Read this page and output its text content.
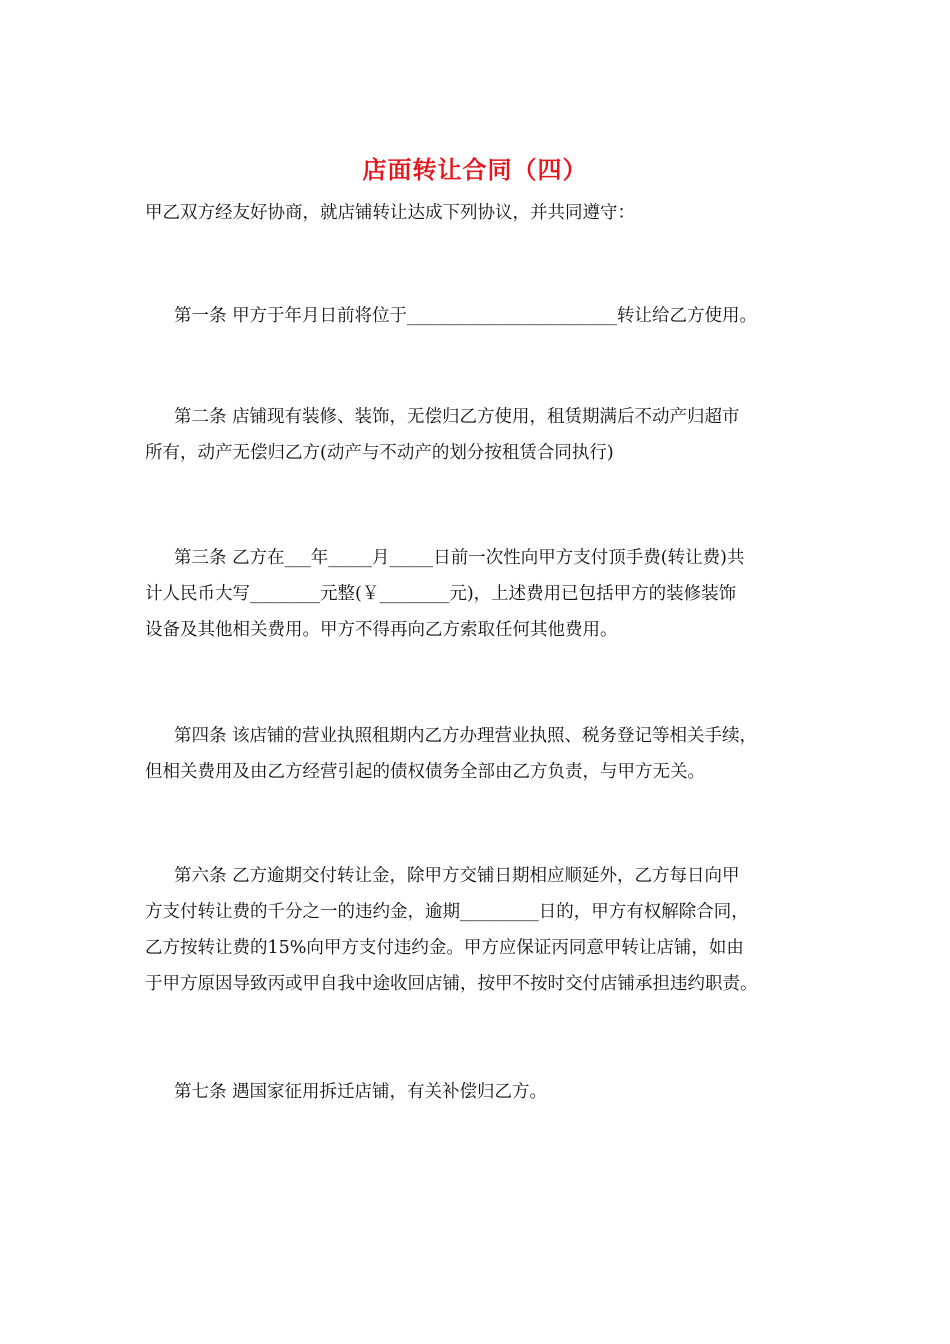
店面转让合同（四）
甲乙双方经友好协商，就店铺转让达成下列协议，并共同遵守：
第一条 甲方于年月日前将位于________________________转让给乙方使用。
第二条 店铺现有装修、装饰，无偿归乙方使用，租赁期满后不动产归超市
所有，动产无偿归乙方(动产与不动产的划分按租赁合同执行)
第三条 乙方在___年_____月_____日前一次性向甲方支付顶手费(转让费)共
计人民币大写________元整(￥________元)，上述费用已包括甲方的装修装饰
设备及其他相关费用。甲方不得再向乙方索取任何其他费用。
第四条 该店铺的营业执照租期内乙方办理营业执照、税务登记等相关手续，
但相关费用及由乙方经营引起的债权债务全部由乙方负责，与甲方无关。
第六条 乙方逾期交付转让金，除甲方交铺日期相应顺延外，乙方每日向甲
方支付转让费的千分之一的违约金，逾期_________日的，甲方有权解除合同，
乙方按转让费的15%向甲方支付违约金。甲方应保证丙同意甲转让店铺，如由
于甲方原因导致丙或甲自我中途收回店铺，按甲不按时交付店铺承担违约职责。
第七条 遇国家征用拆迁店铺，有关补偿归乙方。
